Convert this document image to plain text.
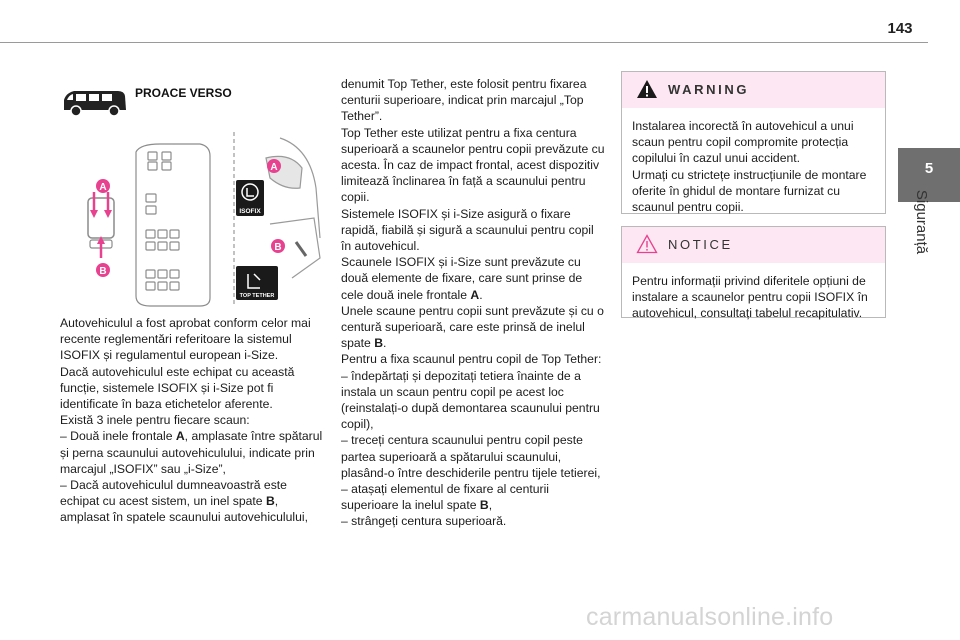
143
5
Siguranță
PROACE VERSO
A
B
A
B
ISOFIX
TOP TETHER

Autovehiculul a fost aprobat conform celor mai recente reglementări referitoare la sistemul ISOFIX și regulamentul european i-Size.

Dacă autovehiculul este echipat cu această funcție, sistemele ISOFIX și i-Size pot fi identificate în baza etichetelor aferente.

Există 3 inele pentru fiecare scaun:

– Două inele frontale A, amplasate între spătarul și perna scaunului autovehiculului, indicate prin marcajul „ISOFIX” sau „i-Size”,

– Dacă autovehiculul dumneavoastră este echipat cu acest sistem, un inel spate B, amplasat în spatele scaunului autovehiculului,

denumit Top Tether, este folosit pentru fixarea centurii superioare, indicat prin marcajul „Top Tether”.

Top Tether este utilizat pentru a fixa centura superioară a scaunelor pentru copii prevăzute cu acesta. În caz de impact frontal, acest dispozitiv limitează înclinarea în față a scaunului pentru copii.

Sistemele ISOFIX și i-Size asigură o fixare rapidă, fiabilă și sigură a scaunului pentru copil în autovehicul.

Scaunele ISOFIX și i-Size sunt prevăzute cu două elemente de fixare, care sunt prinse de cele două inele frontale A.

Unele scaune pentru copii sunt prevăzute și cu o centură superioară, care este prinsă de inelul spate B.

Pentru a fixa scaunul pentru copil de Top Tether:

– îndepărtați și depozitați tetiera înainte de a instala un scaun pentru copil pe acest loc (reinstalați-o după demontarea scaunului pentru copil),

– treceți centura scaunului pentru copil peste partea superioară a spătarului scaunului, plasând-o între deschiderile pentru tijele tetierei,

– atașați elementul de fixare al centurii superioare la inelul spate B,

– strângeți centura superioară.

WARNING
Instalarea incorectă în autovehicul a unui scaun pentru copil compromite protecția copilului în cazul unui accident.
Urmați cu strictețe instrucțiunile de montare oferite în ghidul de montare furnizat cu scaunul pentru copii.
NOTICE
Pentru informații privind diferitele opțiuni de instalare a scaunelor pentru copii ISOFIX în autovehicul, consultați tabelul recapitulativ.
carmanualsonline.info
